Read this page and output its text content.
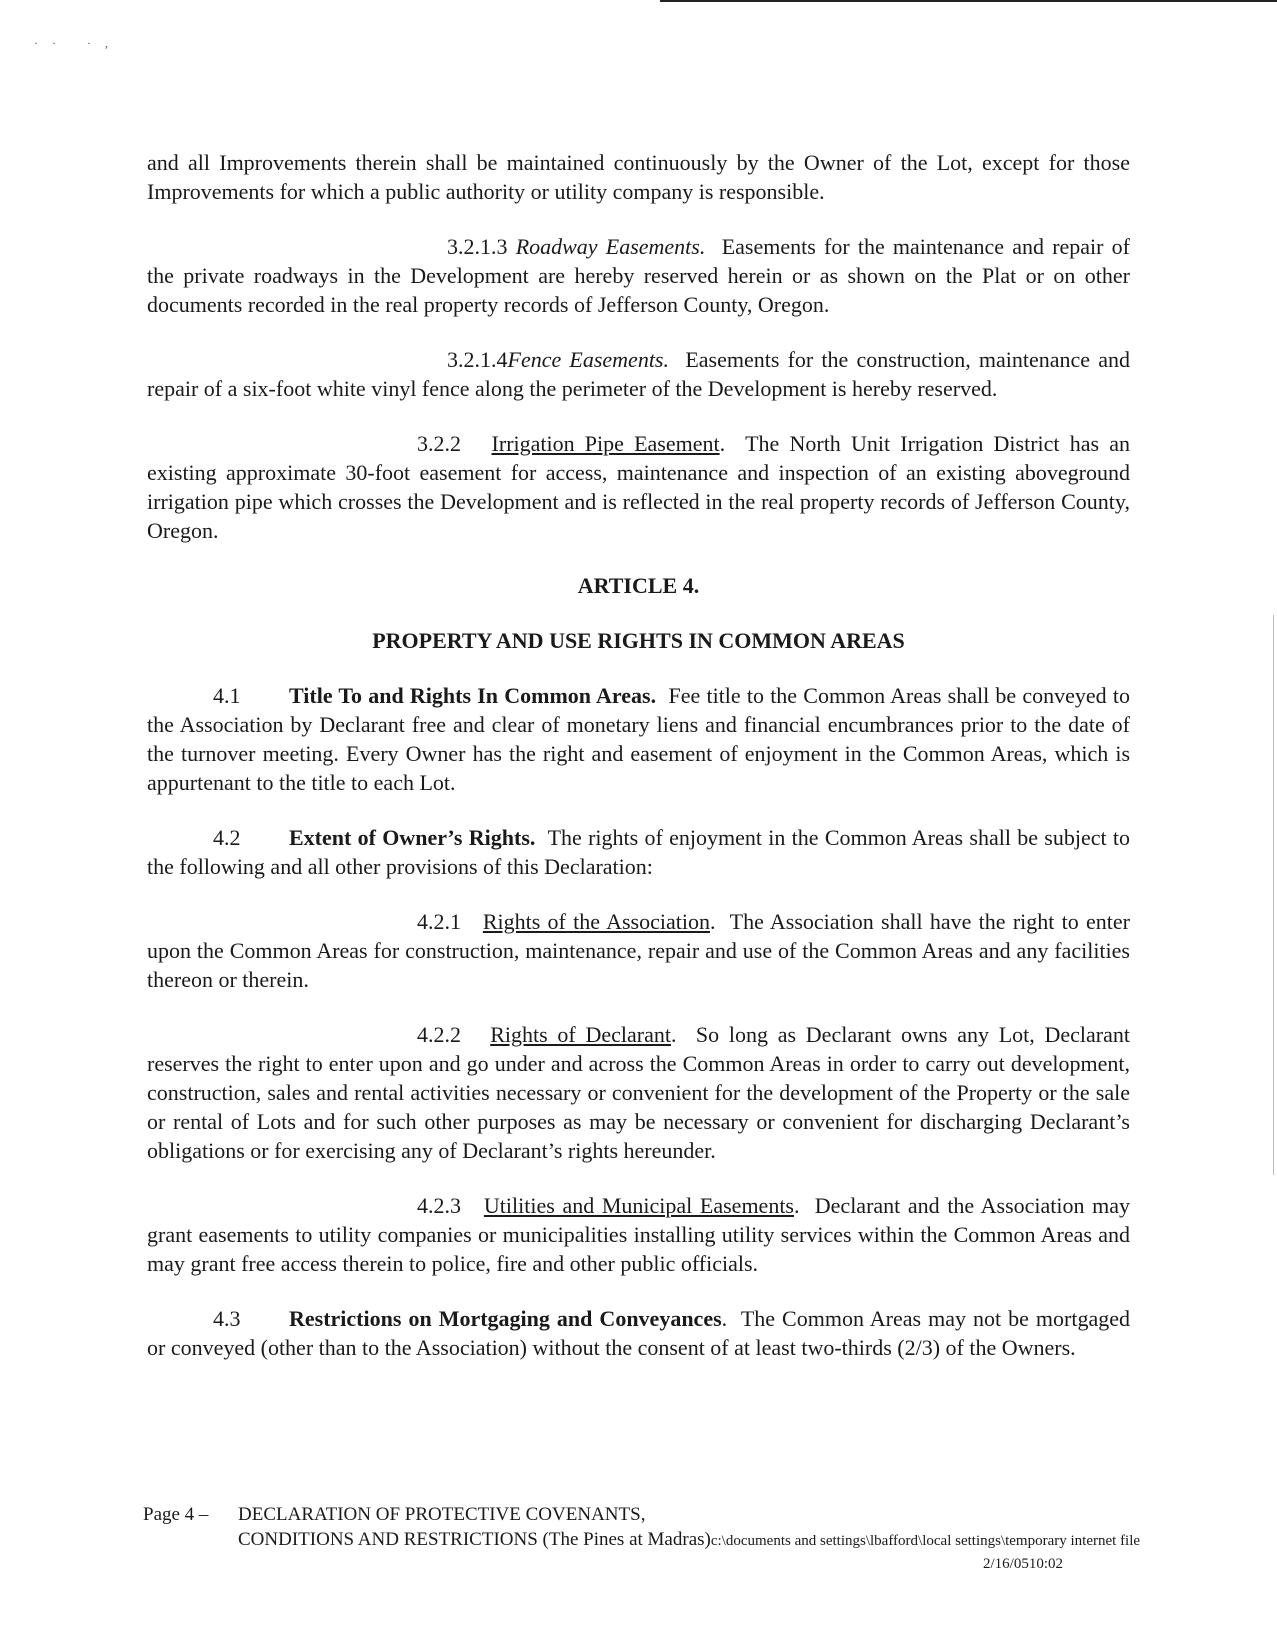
·· ·,

and all Improvements therein shall be maintained continuously by the Owner of the Lot, except for those Improvements for which a public authority or utility company is responsible.

3.2.1.3 Roadway Easements. Easements for the maintenance and repair of the private roadways in the Development are hereby reserved herein or as shown on the Plat or on other documents recorded in the real property records of Jefferson County, Oregon.

3.2.1.4Fence Easements. Easements for the construction, maintenance and repair of a six-foot white vinyl fence along the perimeter of the Development is hereby reserved.

3.2.2 Irrigation Pipe Easement.  The North Unit Irrigation District has an existing approximate 30-foot easement for access, maintenance and inspection of an existing aboveground irrigation pipe which crosses the Development and is reflected in the real property records of Jefferson County, Oregon.

ARTICLE 4.

PROPERTY AND USE RIGHTS IN COMMON AREAS

4.1 Title To and Rights In Common Areas. Fee title to the Common Areas shall be conveyed to the Association by Declarant free and clear of monetary liens and financial encumbrances prior to the date of the turnover meeting. Every Owner has the right and easement of enjoyment in the Common Areas, which is appurtenant to the title to each Lot.

4.2 Extent of Owner’s Rights. The rights of enjoyment in the Common Areas shall be subject to the following and all other provisions of this Declaration:

4.2.1 Rights of the Association.  The Association shall have the right to enter upon the Common Areas for construction, maintenance, repair and use of the Common Areas and any facilities thereon or therein.

4.2.2 Rights of Declarant.  So long as Declarant owns any Lot, Declarant reserves the right to enter upon and go under and across the Common Areas in order to carry out development, construction, sales and rental activities necessary or convenient for the development of the Property or the sale or rental of Lots and for such other purposes as may be necessary or convenient for discharging Declarant’s obligations or for exercising any of Declarant’s rights hereunder.

4.2.3 Utilities and Municipal Easements.  Declarant and the Association may grant easements to utility companies or municipalities installing utility services within the Common Areas and may grant free access therein to police, fire and other public officials.

4.3 Restrictions on Mortgaging and Conveyances.  The Common Areas may not be mortgaged or conveyed (other than to the Association) without the consent of at least two-thirds (2/3) of the Owners.

Page 4 – DECLARATION OF PROTECTIVE COVENANTS,
CONDITIONS AND RESTRICTIONS (The Pines at Madras)c:\documents and settings\lbafford\local settings\temporary internet file
2/16/0510:02
